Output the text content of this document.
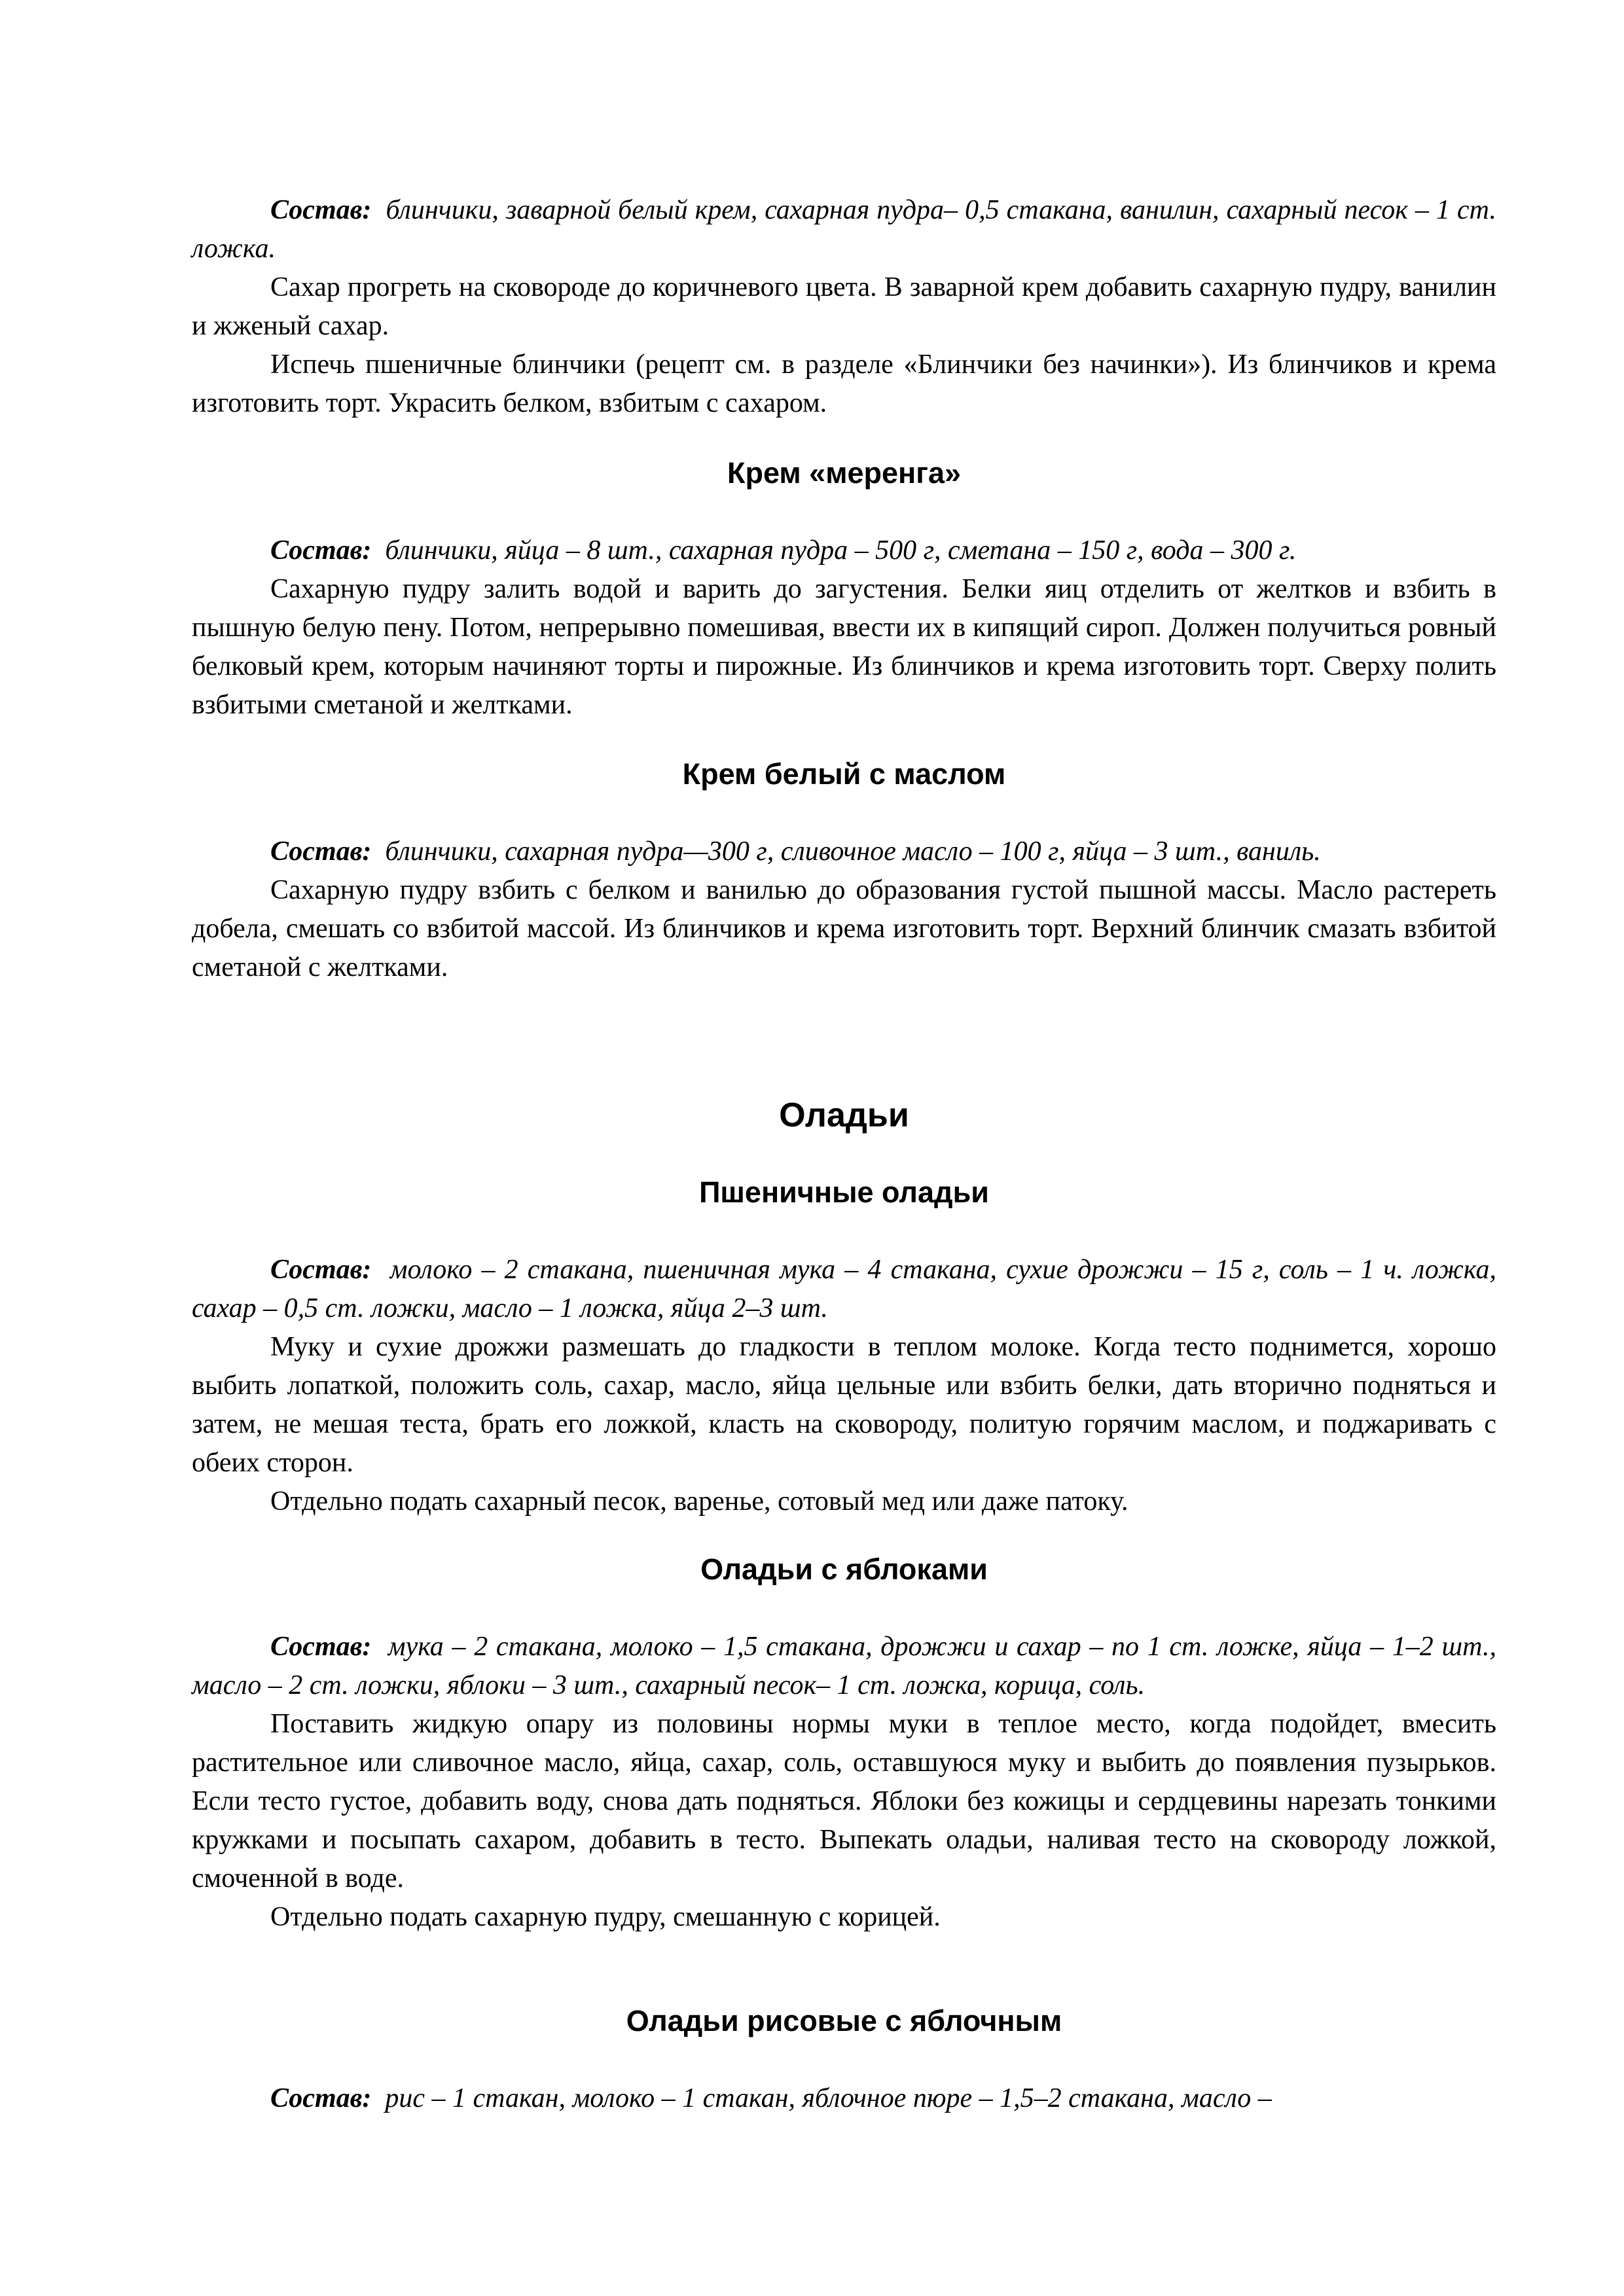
Состав: блинчики, заварной белый крем, сахарная пудра– 0,5 стакана, ванилин, сахарный песок – 1 ст. ложка.

Сахар прогреть на сковороде до коричневого цвета. В заварной крем добавить сахарную пудру, ванилин и жженый сахар.

Испечь пшеничные блинчики (рецепт см. в разделе «Блинчики без начинки»). Из блинчиков и крема изготовить торт. Украсить белком, взбитым с сахаром.

Крем «меренга»

Состав: блинчики, яйца – 8 шт., сахарная пудра – 500 г, сметана – 150 г, вода – 300 г.

Сахарную пудру залить водой и варить до загустения. Белки яиц отделить от желтков и взбить в пышную белую пену. Потом, непрерывно помешивая, ввести их в кипящий сироп. Должен получиться ровный белковый крем, которым начиняют торты и пирожные. Из блинчиков и крема изготовить торт. Сверху полить взбитыми сметаной и желтками.

Крем белый с маслом

Состав: блинчики, сахарная пудра—300 г, сливочное масло – 100 г, яйца – 3 шт., ваниль.

Сахарную пудру взбить с белком и ванилью до образования густой пышной массы. Масло растереть добела, смешать со взбитой массой. Из блинчиков и крема изготовить торт. Верхний блинчик смазать взбитой сметаной с желтками.

Оладьи
Пшеничные оладьи

Состав: молоко – 2 стакана, пшеничная мука – 4 стакана, сухие дрожжи – 15 г, соль – 1 ч. ложка, сахар – 0,5 ст. ложки, масло – 1 ложка, яйца 2–3 шт.

Муку и сухие дрожжи размешать до гладкости в теплом молоке. Когда тесто поднимется, хорошо выбить лопаткой, положить соль, сахар, масло, яйца цельные или взбить белки, дать вторично подняться и затем, не мешая теста, брать его ложкой, класть на сковороду, политую горячим маслом, и поджаривать с обеих сторон.

Отдельно подать сахарный песок, варенье, сотовый мед или даже патоку.

Оладьи с яблоками

Состав: мука – 2 стакана, молоко – 1,5 стакана, дрожжи и сахар – по 1 ст. ложке, яйца – 1–2 шт., масло – 2 ст. ложки, яблоки – 3 шт., сахарный песок– 1 ст. ложка, корица, соль.

Поставить жидкую опару из половины нормы муки в теплое место, когда подойдет, вмесить растительное или сливочное масло, яйца, сахар, соль, оставшуюся муку и выбить до появления пузырьков. Если тесто густое, добавить воду, снова дать подняться. Яблоки без кожицы и сердцевины нарезать тонкими кружками и посыпать сахаром, добавить в тесто. Выпекать оладьи, наливая тесто на сковороду ложкой, смоченной в воде.

Отдельно подать сахарную пудру, смешанную с корицей.

Оладьи рисовые с яблочным

Состав: рис – 1 стакан, молоко – 1 стакан, яблочное пюре – 1,5–2 стакана, масло –
